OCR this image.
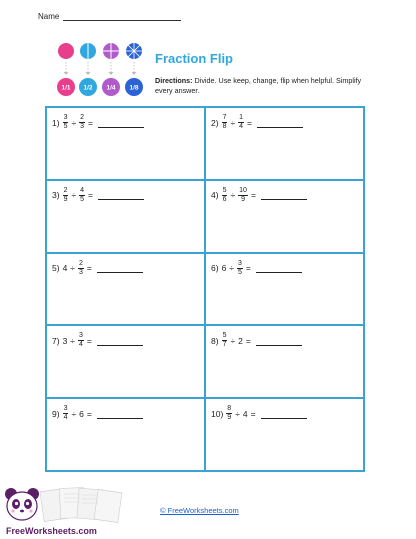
Name
1/1 1/2 1/4 1/8
Fraction Flip
Directions: Divide. Use keep, change, flip when helpful. Simplify every answer.
$1) \frac{3}{5} \div \frac{2}{3}$ =	$2) \frac{7}{8} \div \frac{1}{4}$ =
$3) \frac{2}{9} \div \frac{4}{5}$ =	$4) \frac{5}{6} \div \frac{10}{9}$ =
5) $4 \div \frac{2}{3}$ =	6) $6 \div \frac{3}{5}$ =
7) $3 \div \frac{3}{4}$ =	$8) \frac{5}{7} \div 2$ =
$9) \frac{3}{4} \div 6$ =	$10) \frac{8}{9} \div 4$ =
FreeWorksheets.com
© FreeWorksheets.com
